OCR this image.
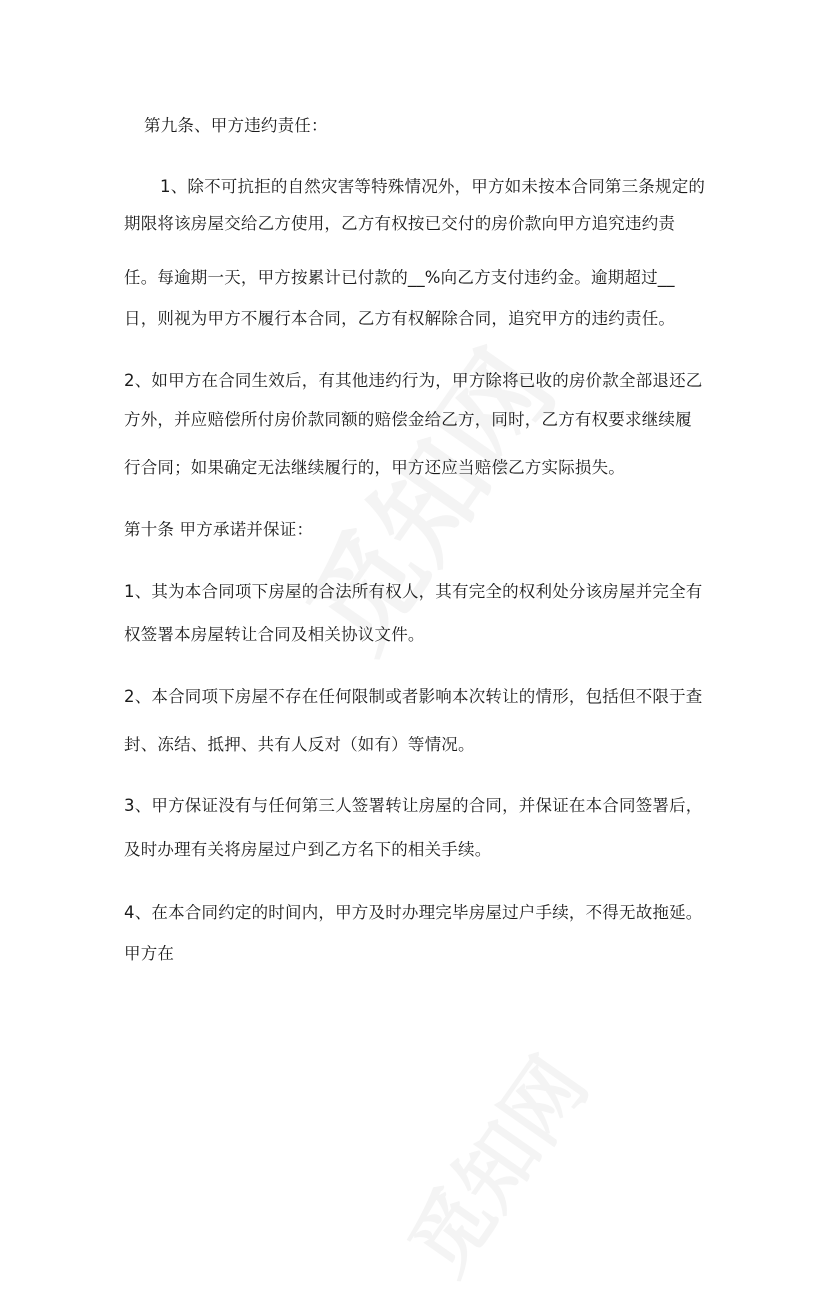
第九条、甲方违约责任：
1、除不可抗拒的自然灾害等特殊情况外，甲方如未按本合同第三条规定的
期限将该房屋交给乙方使用，乙方有权按已交付的房价款向甲方追究违约责
任。每逾期一天，甲方按累计已付款的__%向乙方支付违约金。逾期超过__
日，则视为甲方不履行本合同，乙方有权解除合同，追究甲方的违约责任。
2、如甲方在合同生效后，有其他违约行为，甲方除将已收的房价款全部退还乙
方外，并应赔偿所付房价款同额的赔偿金给乙方，同时，乙方有权要求继续履
行合同；如果确定无法继续履行的，甲方还应当赔偿乙方实际损失。
第十条 甲方承诺并保证：
1、其为本合同项下房屋的合法所有权人，其有完全的权利处分该房屋并完全有
权签署本房屋转让合同及相关协议文件。
2、本合同项下房屋不存在任何限制或者影响本次转让的情形，包括但不限于查
封、冻结、抵押、共有人反对（如有）等情况。
3、甲方保证没有与任何第三人签署转让房屋的合同，并保证在本合同签署后，
及时办理有关将房屋过户到乙方名下的相关手续。
4、在本合同约定的时间内，甲方及时办理完毕房屋过户手续，不得无故拖延。
甲方在
